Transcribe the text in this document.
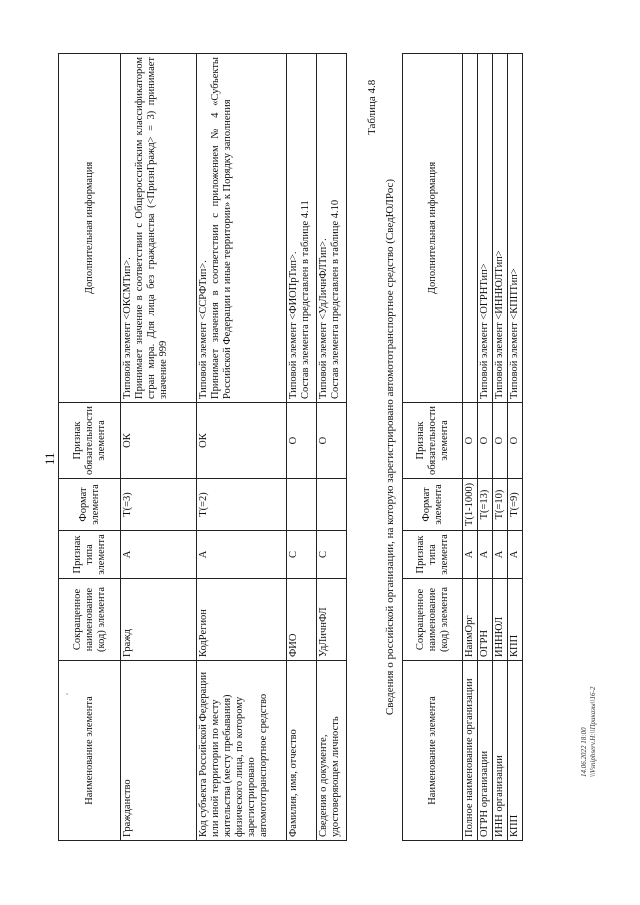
11
Наименование элемента	Сокращенное наименование (код) элемента	Признак типа элемента	Формат элемента	Признак обязательности элемента	Дополнительная информация
Гражданство	Гражд	А	Т(=3)	ОК	Типовой элемент <ОКСМТип>. Принимает значение в соответствии с Общероссийским классификатором стран мира. Для лица без гражданства (<ПризнГражд> = 3) принимает значение 999

Код субъекта Российской Федерации или иной территории по месту жительства (месту пребывания) физического лица, по которому зарегистрировано автомототранспортное средство	КодРегион	А	Т(=2)	ОК	Типовой элемент <ССРФТип>. Принимает значения в соответствии с приложением № 4 «Субъекты Российской Федерации и иные территории» к Порядку заполнения

Фамилия, имя, отчество	ФИО	С		О	Типовой элемент <ФИОПрТип>. Состав элемента представлен в таблице 4.11

Сведения о документе, удостоверяющем личность	УдЛичнФЛ	С		О	Типовой элемент <УдЛичнФЛТип>. Состав элемента представлен в таблице 4.10
ᵃ
Таблица 4.8
Сведения о российской организации, на которую зарегистрировано автомототранспортное средство (СведЮЛРос)
Наименование элемента	Сокращенное наименование (код) элемента	Признак типа элемента	Формат элемента	Признак обязательности элемента	Дополнительная информация
Полное наименование организации	НаимОрг	А	Т(1-1000)	О	
ОГРН организации	ОГРН	А	Т(=13)	О	Типовой элемент <ОГРНТип>
ИНН организации	ИННЮЛ	А	Т(=10)	О	Типовой элемент <ИННЮЛТип>
КПП	КПП	А	Т(=9)	О	Типовой элемент <КППТип>
14.06.2022 18:00 \\Vsnipbserv.H:\\Приказы\\16-2
